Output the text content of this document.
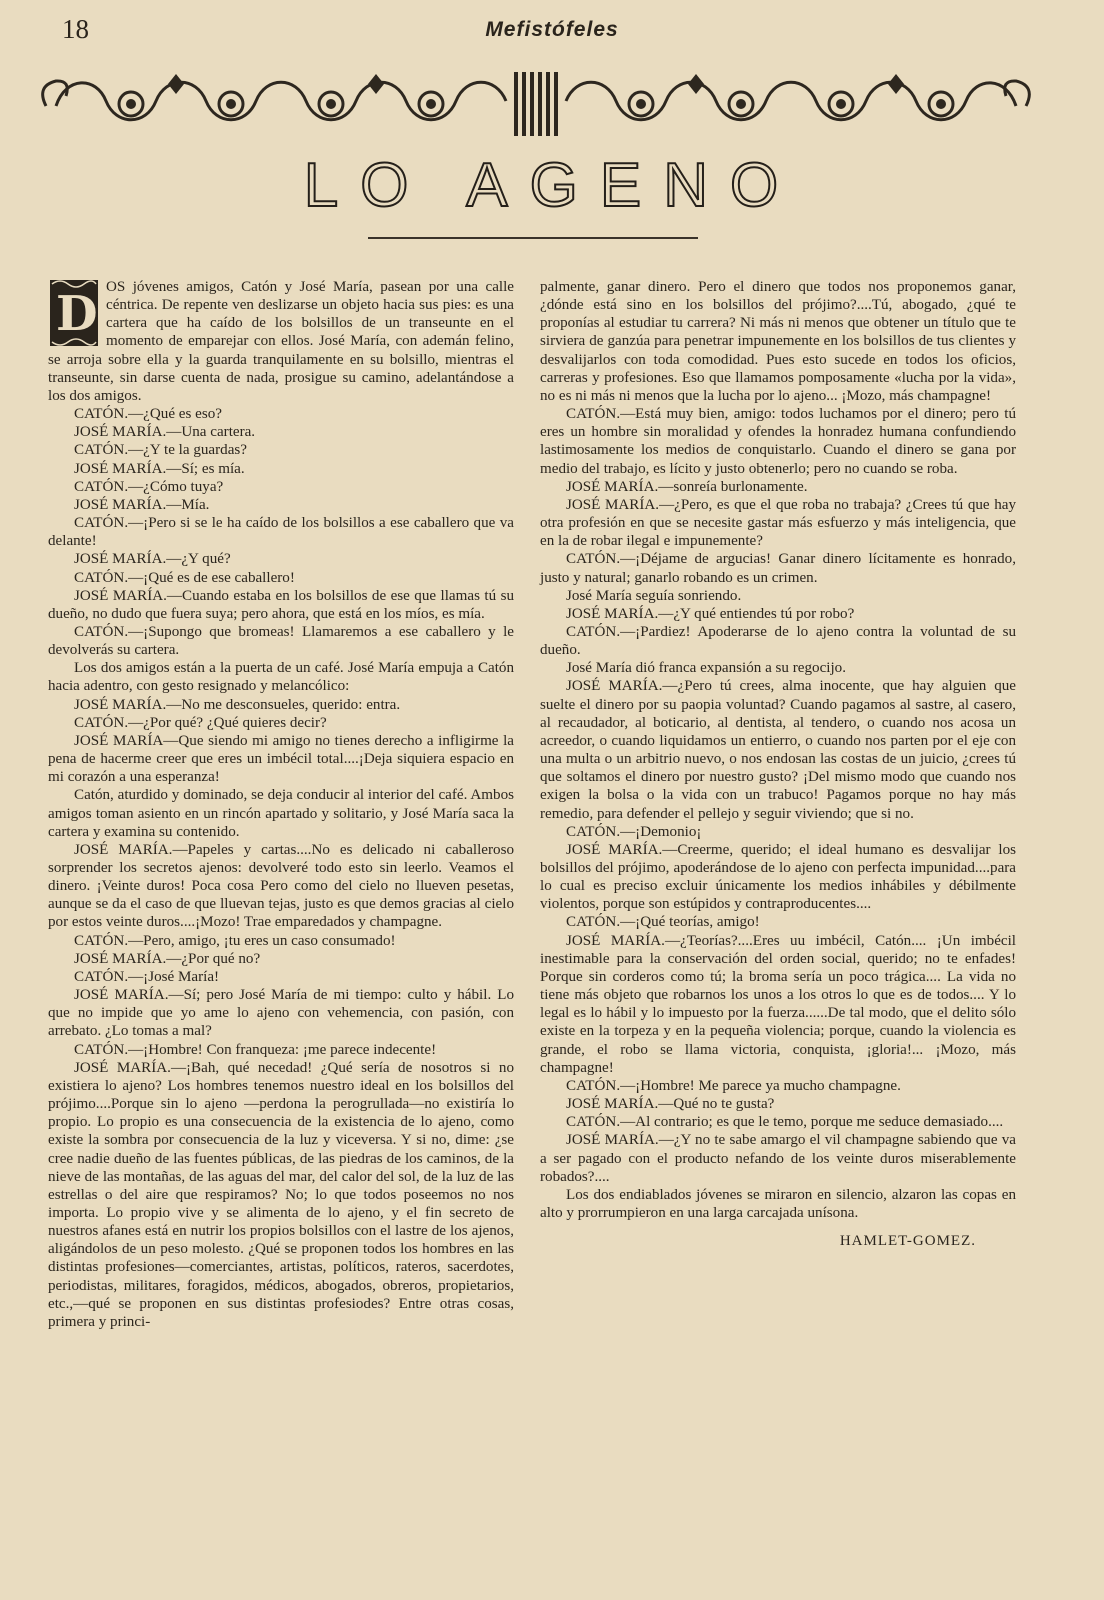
18	Mefistófeles
LO AGENO
D OS jóvenes amigos, Catón y José María, pasean por una calle céntrica. De repente ven deslizarse un objeto hacia sus pies: es una cartera que ha caído de los bolsillos de un transeunte en el momento de emparejar con ellos. José María, con ademán felino, se arroja sobre ella y la guarda tranquilamente en su bolsillo, mientras el transeunte, sin darse cuenta de nada, prosigue su camino, adelantándose a los dos amigos.

CATÓN.—¿Qué es eso?

JOSÉ MARÍA.—Una cartera.

CATÓN.—¿Y te la guardas?

JOSÉ MARÍA.—Sí; es mía.

CATÓN.—¿Cómo tuya?

JOSÉ MARÍA.—Mía.

CATÓN.—¡Pero si se le ha caído de los bolsillos a ese caballero que va delante!

JOSÉ MARÍA.—¿Y qué?

CATÓN.—¡Qué es de ese caballero!

JOSÉ MARÍA.—Cuando estaba en los bolsillos de ese que llamas tú su dueño, no dudo que fuera suya; pero ahora, que está en los míos, es mía.

CATÓN.—¡Supongo que bromeas! Llamaremos a ese caballero y le devolverás su cartera.

Los dos amigos están a la puerta de un café. José María empuja a Catón hacia adentro, con gesto resignado y melancólico:

JOSÉ MARÍA.—No me desconsueles, querido: entra.

CATÓN.—¿Por qué? ¿Qué quieres decir?

JOSÉ MARÍA—Que siendo mi amigo no tienes derecho a infligirme la pena de hacerme creer que eres un imbécil total....¡Deja siquiera espacio en mi corazón a una esperanza!

Catón, aturdido y dominado, se deja conducir al interior del café. Ambos amigos toman asiento en un rincón apartado y solitario, y José María saca la cartera y examina su contenido.

JOSÉ MARÍA.—Papeles y cartas....No es delicado ni caballeroso sorprender los secretos ajenos: devolveré todo esto sin leerlo. Veamos el dinero. ¡Veinte duros! Poca cosa Pero como del cielo no llueven pesetas, aunque se da el caso de que lluevan tejas, justo es que demos gracias al cielo por estos veinte duros....¡Mozo! Trae emparedados y champagne.

CATÓN.—Pero, amigo, ¡tu eres un caso consumado!

JOSÉ MARÍA.—¿Por qué no?

CATÓN.—¡José María!

JOSÉ MARÍA.—Sí; pero José María de mi tiempo: culto y hábil. Lo que no impide que yo ame lo ajeno con vehemencia, con pasión, con arrebato. ¿Lo tomas a mal?

CATÓN.—¡Hombre! Con franqueza: ¡me parece indecente!

JOSÉ MARÍA.—¡Bah, qué necedad! ¿Qué sería de nosotros si no existiera lo ajeno? Los hombres tenemos nuestro ideal en los bolsillos del prójimo....Porque sin lo ajeno —perdona la perogrullada—no existiría lo propio. Lo propio es una consecuencia de la existencia de lo ajeno, como existe la sombra por consecuencia de la luz y viceversa. Y si no, dime: ¿se cree nadie dueño de las fuentes públicas, de las piedras de los caminos, de la nieve de las montañas, de las aguas del mar, del calor del sol, de la luz de las estrellas o del aire que respiramos? No; lo que todos poseemos no nos importa. Lo propio vive y se alimenta de lo ajeno, y el fin secreto de nuestros afanes está en nutrir los propios bolsillos con el lastre de los ajenos, aligándolos de un peso molesto. ¿Qué se proponen todos los hombres en las distintas profesiones—comerciantes, artistas, políticos, rateros, sacerdotes, periodistas, militares, foragidos, médicos, abogados, obreros, propietarios, etc.,—qué se proponen en sus distintas profesiodes? Entre otras cosas, primera y princi-

palmente, ganar dinero. Pero el dinero que todos nos proponemos ganar, ¿dónde está sino en los bolsillos del prójimo?....Tú, abogado, ¿qué te proponías al estudiar tu carrera? Ni más ni menos que obtener un título que te sirviera de ganzúa para penetrar impunemente en los bolsillos de tus clientes y desvalijarlos con toda comodidad. Pues esto sucede en todos los oficios, carreras y profesiones. Eso que llamamos pomposamente «lucha por la vida», no es ni más ni menos que la lucha por lo ajeno... ¡Mozo, más champagne!

CATÓN.—Está muy bien, amigo: todos luchamos por el dinero; pero tú eres un hombre sin moralidad y ofendes la honradez humana confundiendo lastimosamente los medios de conquistarlo. Cuando el dinero se gana por medio del trabajo, es lícito y justo obtenerlo; pero no cuando se roba.

JOSÉ MARÍA.—sonreía burlonamente.

JOSÉ MARÍA.—¿Pero, es que el que roba no trabaja? ¿Crees tú que hay otra profesión en que se necesite gastar más esfuerzo y más inteligencia, que en la de robar ilegal e impunemente?

CATÓN.—¡Déjame de argucias! Ganar dinero lícitamente es honrado, justo y natural; ganarlo robando es un crimen.

José María seguía sonriendo.

JOSÉ MARÍA.—¿Y qué entiendes tú por robo?

CATÓN.—¡Pardiez! Apoderarse de lo ajeno contra la voluntad de su dueño.

José María dió franca expansión a su regocijo.

JOSÉ MARÍA.—¿Pero tú crees, alma inocente, que hay alguien que suelte el dinero por su paopia voluntad? Cuando pagamos al sastre, al casero, al recaudador, al boticario, al dentista, al tendero, o cuando nos acosa un acreedor, o cuando liquidamos un entierro, o cuando nos parten por el eje con una multa o un arbitrio nuevo, o nos endosan las costas de un juicio, ¿crees tú que soltamos el dinero por nuestro gusto? ¡Del mismo modo que cuando nos exigen la bolsa o la vida con un trabuco! Pagamos porque no hay más remedio, para defender el pellejo y seguir viviendo; que si no.

CATÓN.—¡Demonio¡

JOSÉ MARÍA.—Creerme, querido; el ideal humano es desvalijar los bolsillos del prójimo, apoderándose de lo ajeno con perfecta impunidad....para lo cual es preciso excluir únicamente los medios inhábiles y débilmente violentos, porque son estúpidos y contraproducentes....

CATÓN.—¡Qué teorías, amigo!

JOSÉ MARÍA.—¿Teorías?....Eres uu imbécil, Catón.... ¡Un imbécil inestimable para la conservación del orden social, querido; no te enfades! Porque sin corderos como tú; la broma sería un poco trágica.... La vida no tiene más objeto que robarnos los unos a los otros lo que es de todos.... Y lo legal es lo hábil y lo impuesto por la fuerza......De tal modo, que el delito sólo existe en la torpeza y en la pequeña violencia; porque, cuando la violencia es grande, el robo se llama victoria, conquista, ¡gloria!... ¡Mozo, más champagne!

CATÓN.—¡Hombre! Me parece ya mucho champagne.

JOSÉ MARÍA.—Qué no te gusta?

CATÓN.—Al contrario; es que le temo, porque me seduce demasiado....

JOSÉ MARÍA.—¿Y no te sabe amargo el vil champagne sabiendo que va a ser pagado con el producto nefando de los veinte duros miserablemente robados?....

Los dos endiablados jóvenes se miraron en silencio, alzaron las copas en alto y prorrumpieron en una larga carcajada unísona.

HAMLET-GOMEZ.
